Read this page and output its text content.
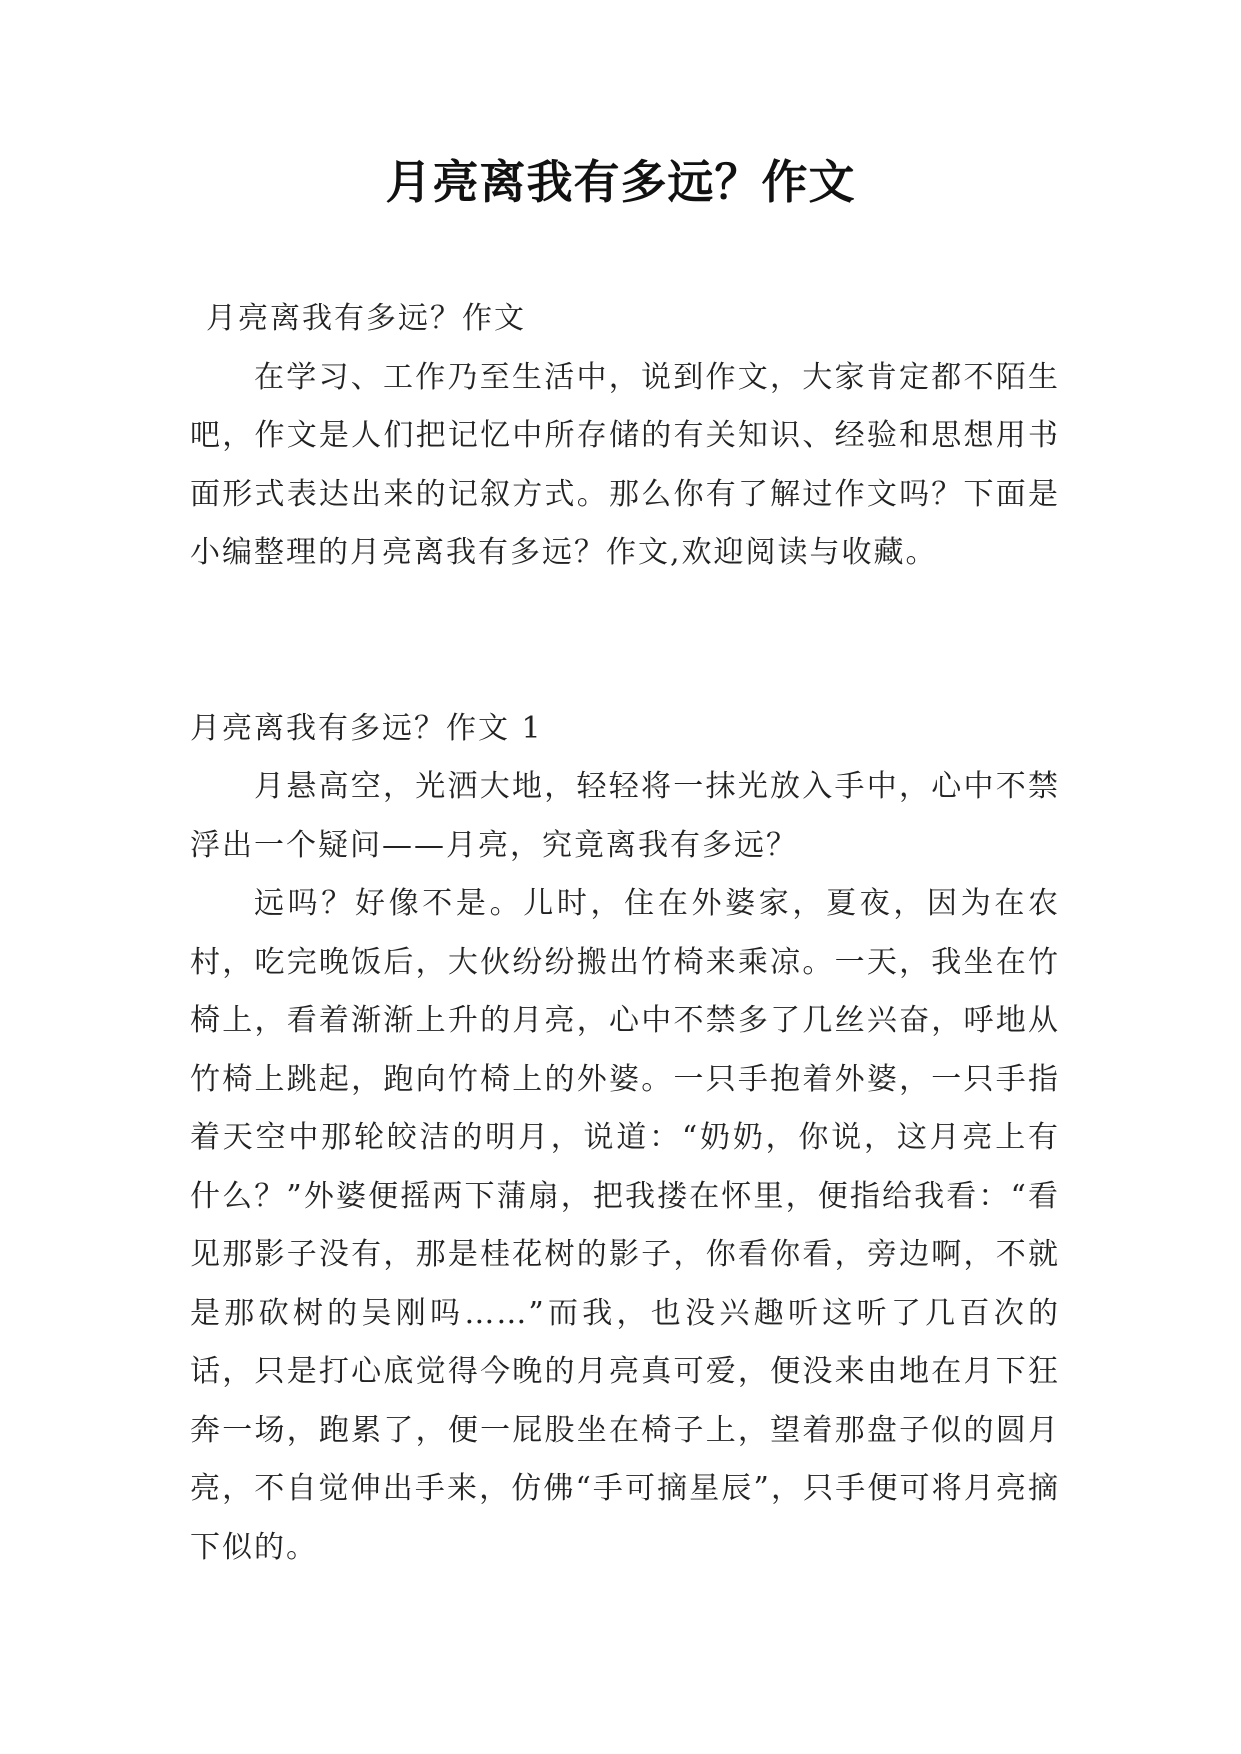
月亮离我有多远？作文

月亮离我有多远？作文

在学习、工作乃至生活中，说到作文，大家肯定都不陌生吧，作文是人们把记忆中所存储的有关知识、经验和思想用书面形式表达出来的记叙方式。那么你有了解过作文吗？下面是小编整理的月亮离我有多远？作文,欢迎阅读与收藏。

月亮离我有多远？作文 1

月悬高空，光洒大地，轻轻将一抹光放入手中，心中不禁浮出一个疑问——月亮，究竟离我有多远？

远吗？好像不是。儿时，住在外婆家，夏夜，因为在农村，吃完晚饭后，大伙纷纷搬出竹椅来乘凉。一天，我坐在竹椅上，看着渐渐上升的月亮，心中不禁多了几丝兴奋，呼地从竹椅上跳起，跑向竹椅上的外婆。一只手抱着外婆，一只手指着天空中那轮皎洁的明月，说道：“奶奶，你说，这月亮上有什么？”外婆便摇两下蒲扇，把我搂在怀里，便指给我看：“看见那影子没有，那是桂花树的影子，你看你看，旁边啊，不就是那砍树的吴刚吗……”而我，也没兴趣听这听了几百次的话，只是打心底觉得今晚的月亮真可爱，便没来由地在月下狂奔一场，跑累了，便一屁股坐在椅子上，望着那盘子似的圆月亮，不自觉伸出手来，仿佛“手可摘星辰”，只手便可将月亮摘下似的。
